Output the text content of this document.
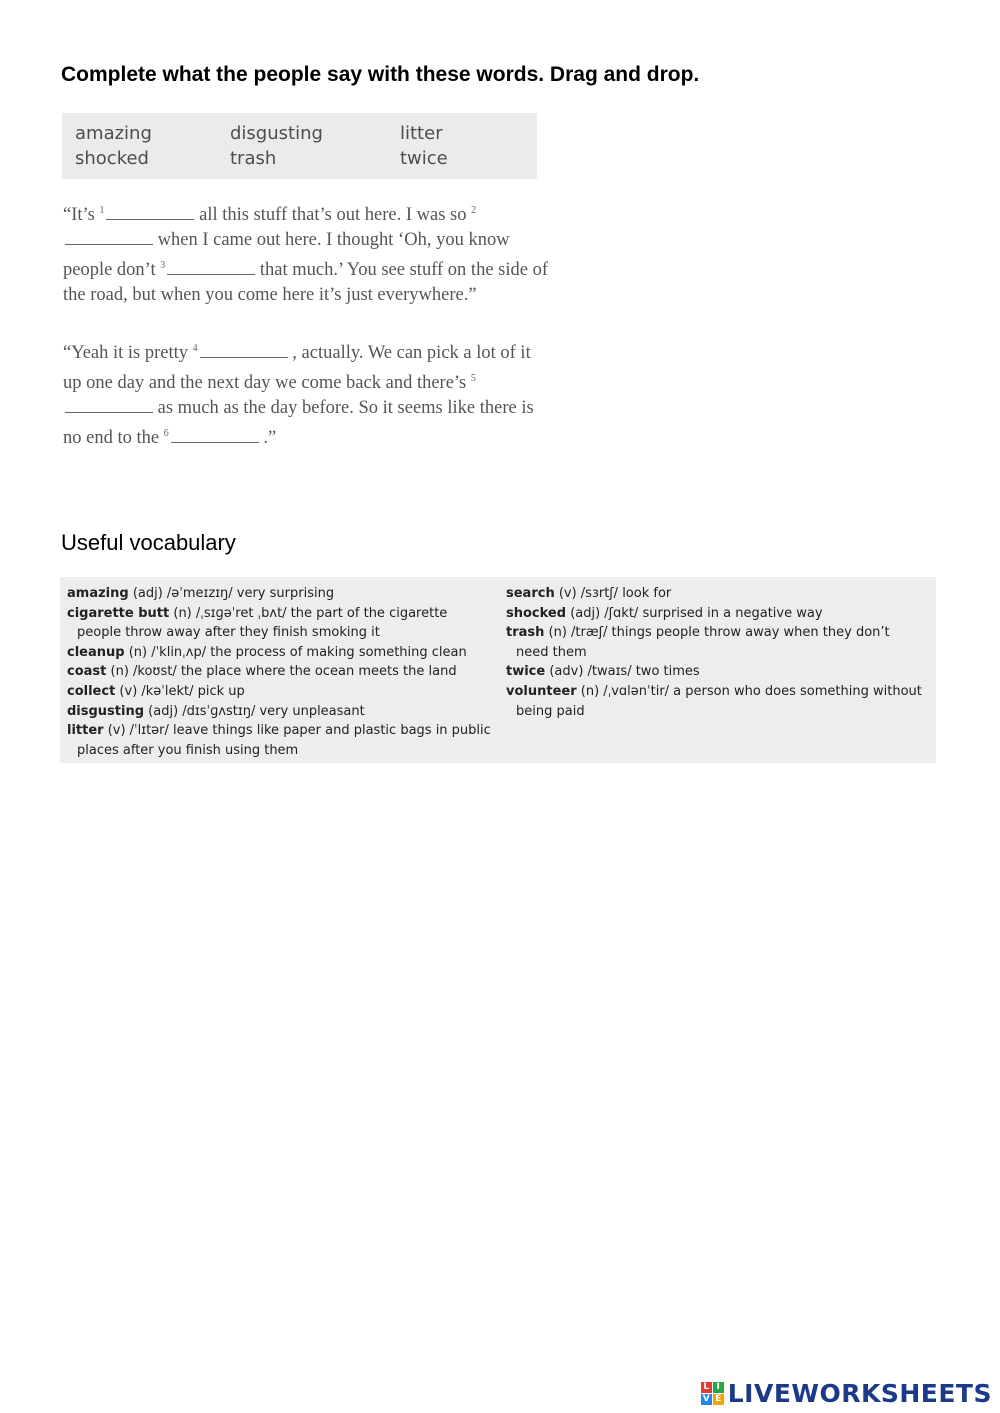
Complete what the people say with these words. Drag and drop.
amazing	disgusting	litter
shocked	trash	twice

“It’s $^1$	all this stuff that’s out here. I was so $^2$ when I came out here. I thought ‘Oh, you know people don’t $^3$	that much.’ You see stuff on the side of the road, but when you come here it’s just everywhere.”

“Yeah it is pretty $^4$	, actually. We can pick a lot of it up one day and the next day we come back and there’s $^5$ as much as the day before. So it seems like there is no end to the $^6$	.”

Useful vocabulary
amazing (adj) /əˈmeɪzɪŋ/ very surprising
cigarette butt (n) /ˌsɪɡəˈret ˌbʌt/ the part of the cigarette
people throw away after they finish smoking it
cleanup (n) /ˈklinˌʌp/ the process of making something clean
coast (n) /koʊst/ the place where the ocean meets the land
collect (v) /kəˈlekt/ pick up
disgusting (adj) /dɪsˈɡʌstɪŋ/ very unpleasant
litter (v) /ˈlɪtər/ leave things like paper and plastic bags in public
places after you finish using them
search (v) /sɜrtʃ/ look for
shocked (adj) /ʃɑkt/ surprised in a negative way
trash (n) /træʃ/ things people throw away when they don’t
need them
twice (adv) /twaɪs/ two times
volunteer (n) /ˌvɑlənˈtir/ a person who does something without
being paid
L I
V E LIVEWORKSHEETS
